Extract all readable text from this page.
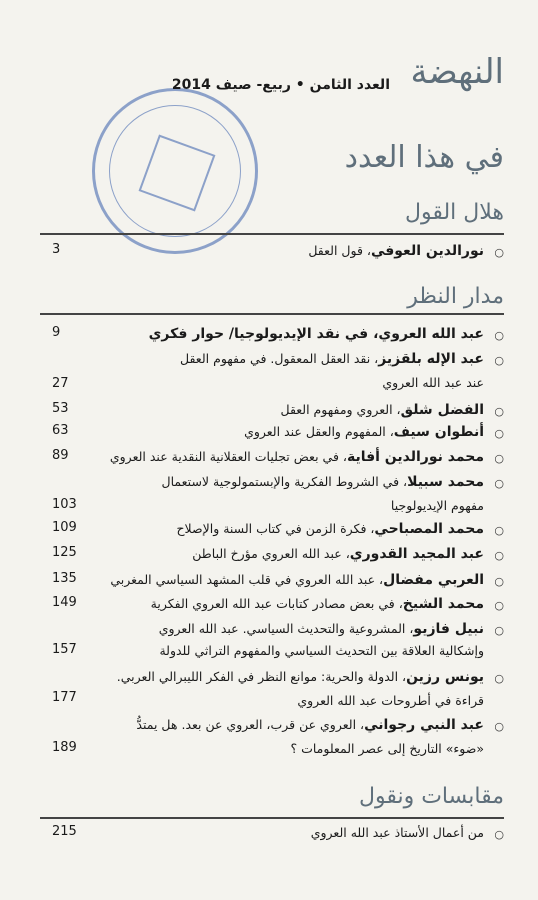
النهضة
العدد الثامن • ربيع- صيف 2014
في هذا العدد
هلال القول
○
نورالدين العوفي، قول العقل
3
مدار النظر
○
عبد الله العروي، في نقد الإيديولوجيا/ حوار فكري
9
○
عبد الإله بلقزيز، نقد العقل المعقول. في مفهوم العقل
عند عبد الله العروي
27
○
الفضل شلق، العروي ومفهوم العقل
53
○
أنطوان سيف، المفهوم والعقل عند العروي
63
○
محمد نورالدين أفاية، في بعض تجليات العقلانية النقدية عند العروي
89
○
محمد سبيلا، في الشروط الفكرية والإبستمولوجية لاستعمال
مفهوم الإيديولوجيا
103
○
محمد المصباحي، فكرة الزمن في كتاب السنة والإصلاح
109
○
عبد المجيد القدوري، عبد الله العروي مؤرخ الباطن
125
○
العربي مفضال، عبد الله العروي في قلب المشهد السياسي المغربي
135
○
محمد الشيخ، في بعض مصادر كتابات عبد الله العروي الفكرية
149
○
نبيل فازيو، المشروعية والتحديث السياسي. عبد الله العروي
وإشكالية العلاقة بين التحديث السياسي والمفهوم التراثي للدولة
157
○
يونس رزين، الدولة والحرية: موانع النظر في الفكر الليبرالي العربي.
قراءة في أطروحات عبد الله العروي
177
○
عبد النبي رجواني، العروي عن قرب، العروي عن بعد. هل يمتدُّ
«ضوء» التاريخ إلى عصر المعلومات ؟
189
مقابسات ونقول
○
من أعمال الأستاذ عبد الله العروي
215
